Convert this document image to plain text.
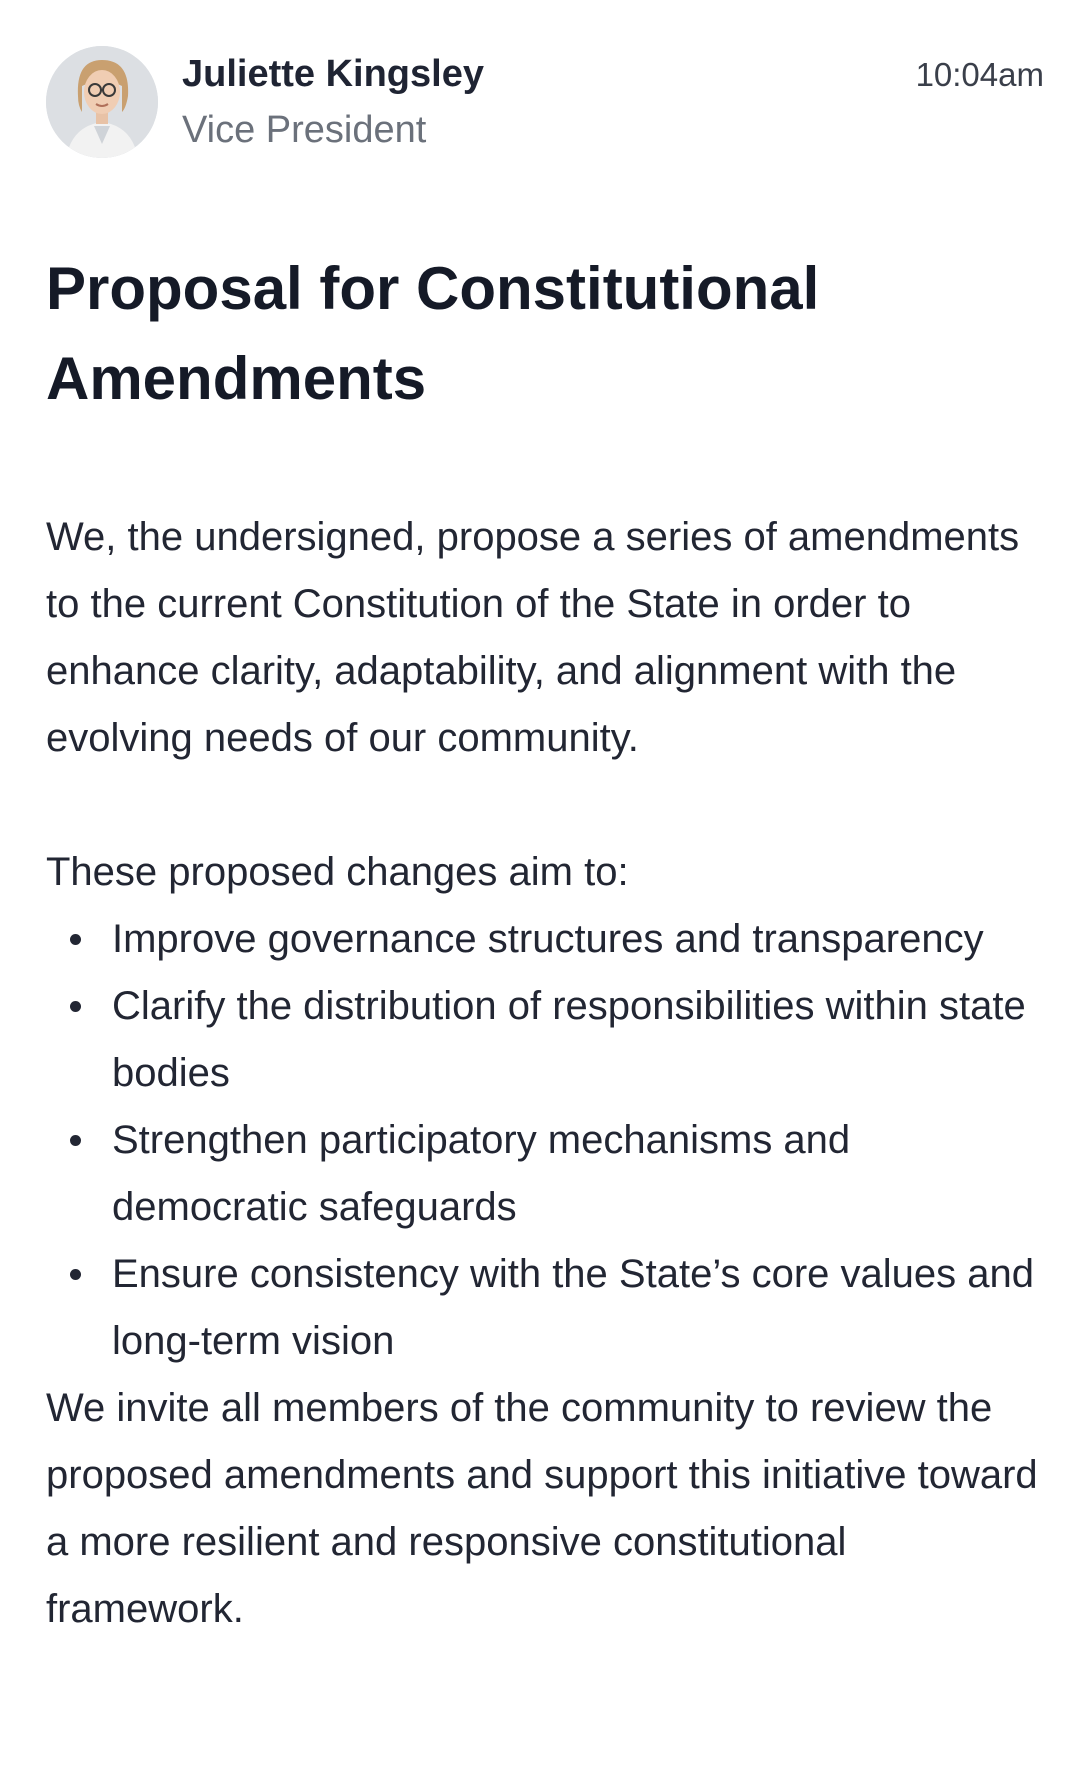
Juliette Kingsley
Vice President
10:04am
Proposal for Constitutional Amendments

We, the undersigned, propose a series of amendments to the current Constitution of the State in order to enhance clarity, adaptability, and alignment with the evolving needs of our community.

These proposed changes aim to:

Improve governance structures and transparency
Clarify the distribution of responsibilities within state bodies
Strengthen participatory mechanisms and democratic safeguards
Ensure consistency with the State’s core values and long-term vision

We invite all members of the community to review the proposed amendments and support this initiative toward a more resilient and responsive constitutional framework.
